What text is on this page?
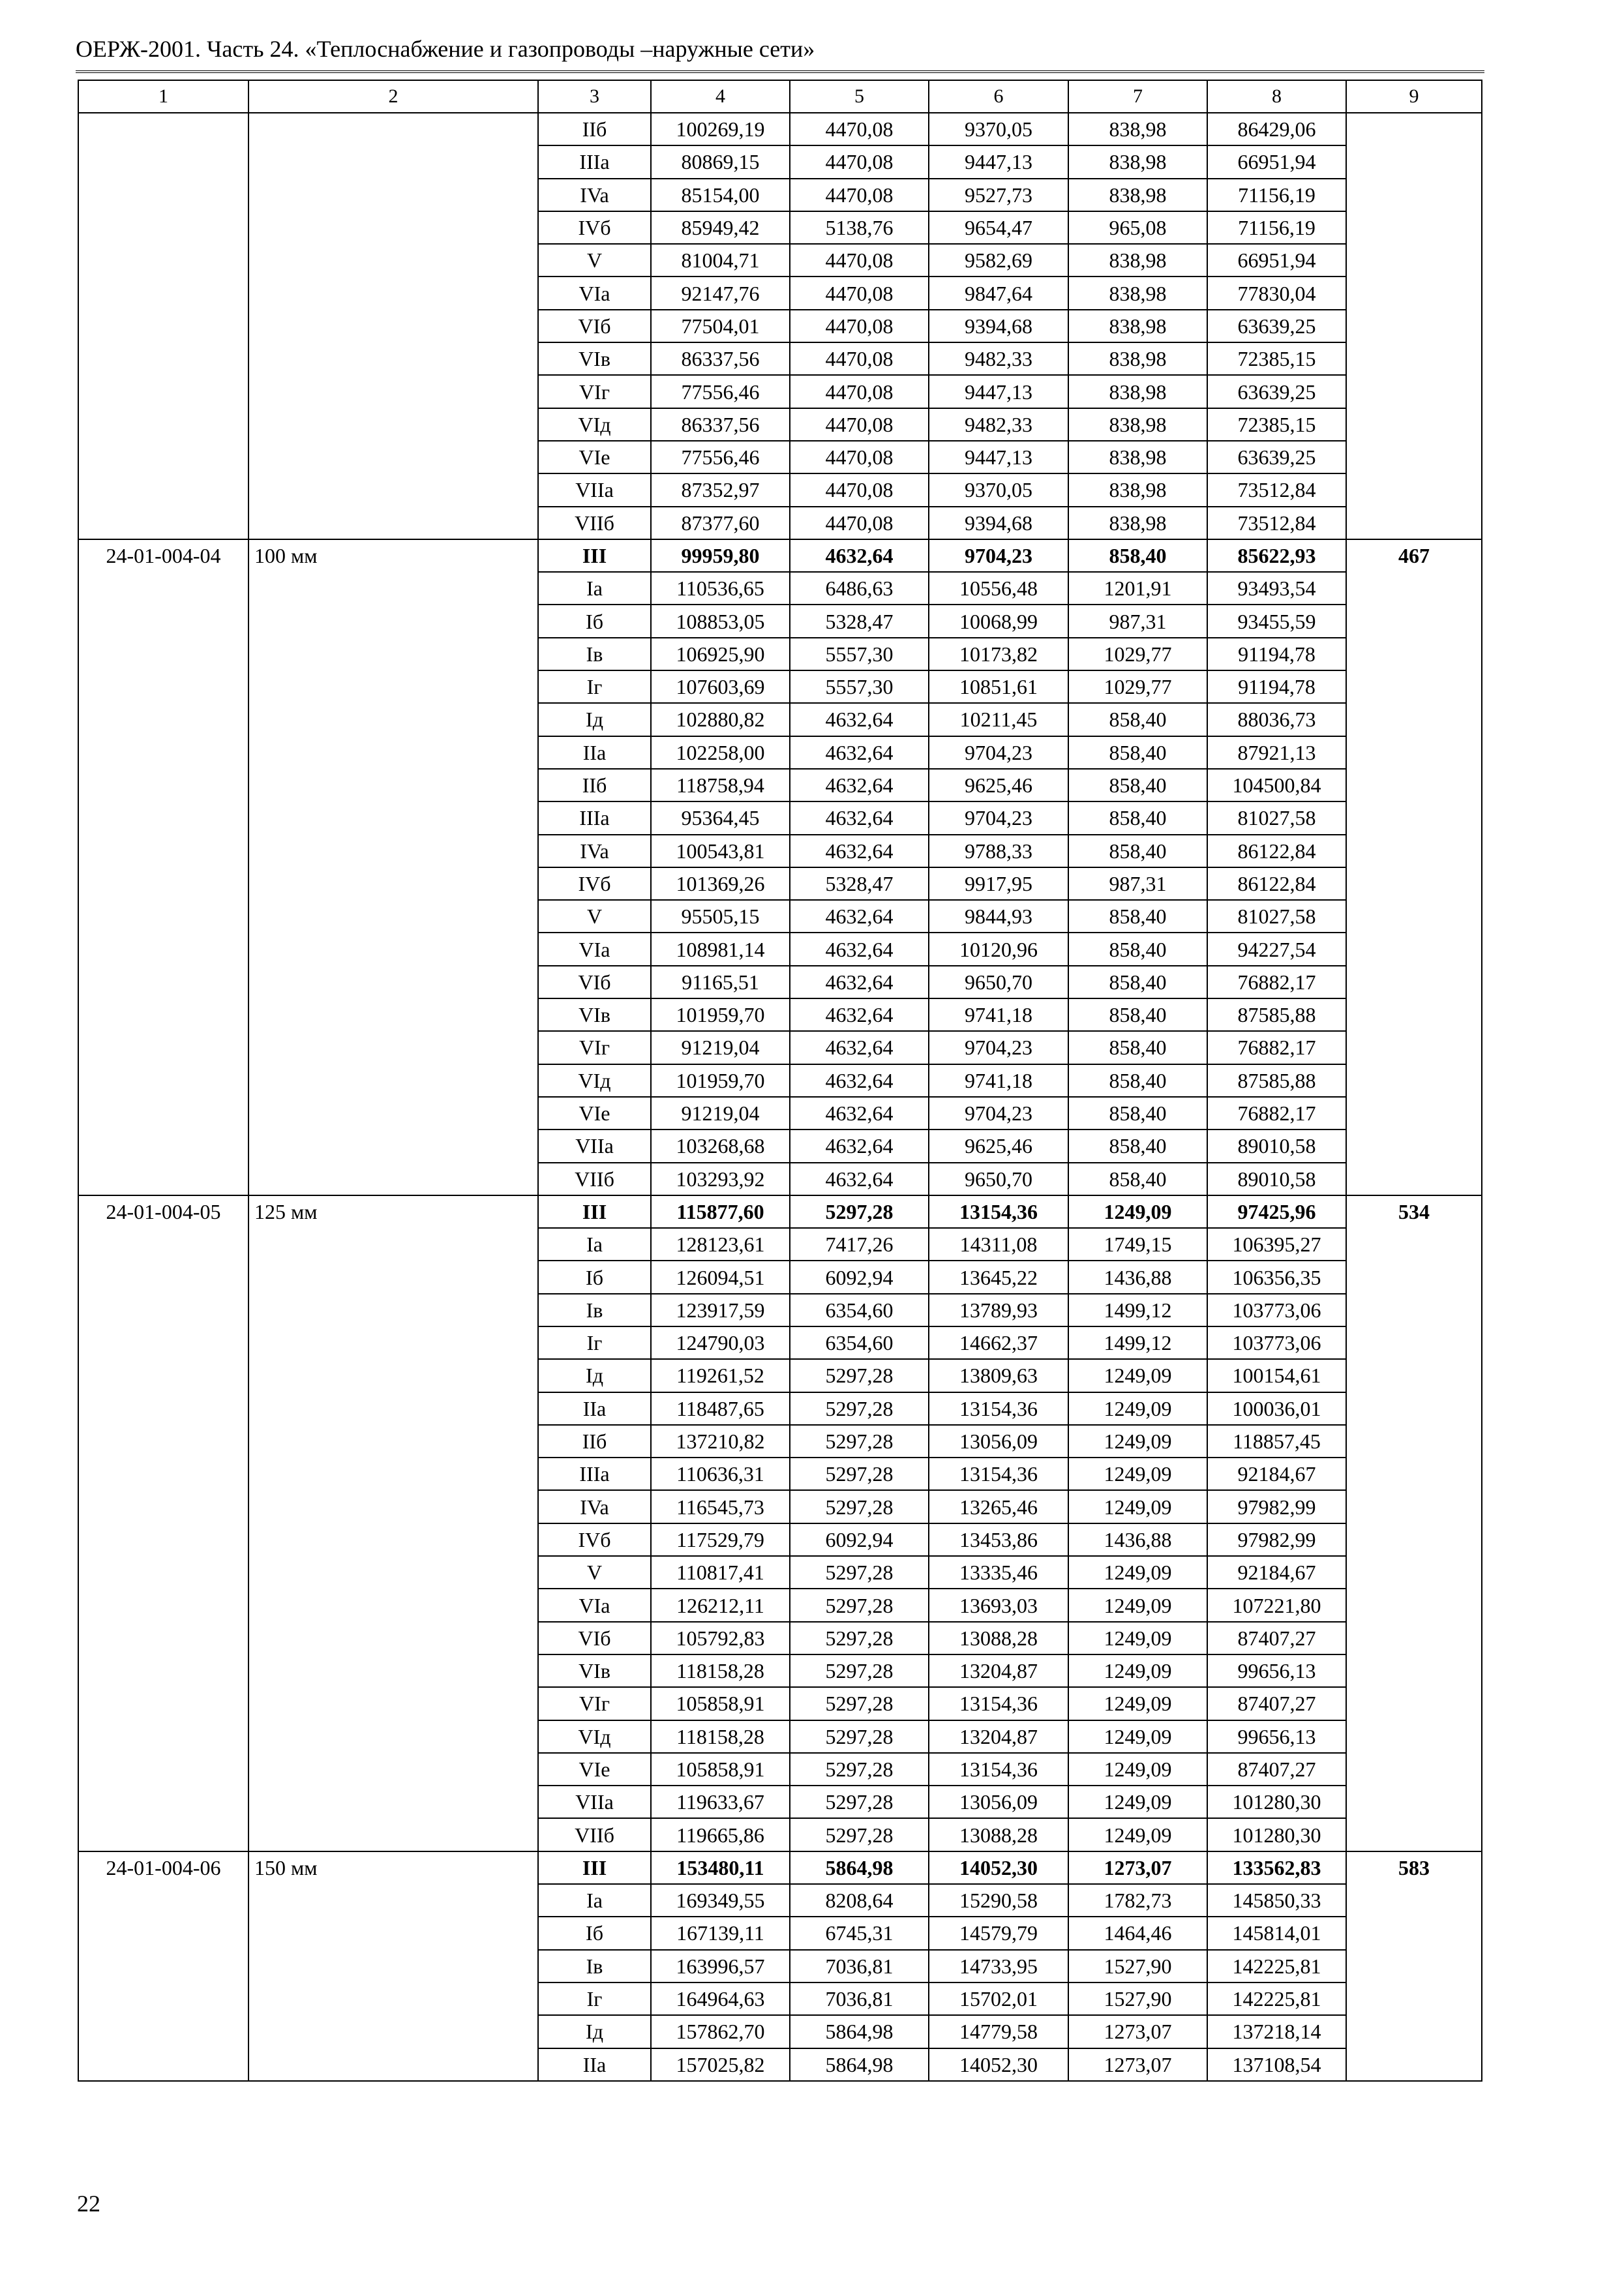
ОЕРЖ-2001. Часть 24. «Теплоснабжение и газопроводы –наружные сети»
1	2	3	4	5	6	7	8	9
		IIб	100269,19	4470,08	9370,05	838,98	86429,06	
		IIIa	80869,15	4470,08	9447,13	838,98	66951,94	
		IVa	85154,00	4470,08	9527,73	838,98	71156,19	
		IVб	85949,42	5138,76	9654,47	965,08	71156,19	
		V	81004,71	4470,08	9582,69	838,98	66951,94	
		VIa	92147,76	4470,08	9847,64	838,98	77830,04	
		VIб	77504,01	4470,08	9394,68	838,98	63639,25	
		VIв	86337,56	4470,08	9482,33	838,98	72385,15	
		VIг	77556,46	4470,08	9447,13	838,98	63639,25	
		VIд	86337,56	4470,08	9482,33	838,98	72385,15	
		VIе	77556,46	4470,08	9447,13	838,98	63639,25	
		VIIa	87352,97	4470,08	9370,05	838,98	73512,84	
		VIIб	87377,60	4470,08	9394,68	838,98	73512,84	
24-01-004-04	100 мм	III	99959,80	4632,64	9704,23	858,40	85622,93	467
		Ia	110536,65	6486,63	10556,48	1201,91	93493,54	
		Iб	108853,05	5328,47	10068,99	987,31	93455,59	
		Iв	106925,90	5557,30	10173,82	1029,77	91194,78	
		Iг	107603,69	5557,30	10851,61	1029,77	91194,78	
		Iд	102880,82	4632,64	10211,45	858,40	88036,73	
		IIa	102258,00	4632,64	9704,23	858,40	87921,13	
		IIб	118758,94	4632,64	9625,46	858,40	104500,84	
		IIIa	95364,45	4632,64	9704,23	858,40	81027,58	
		IVa	100543,81	4632,64	9788,33	858,40	86122,84	
		IVб	101369,26	5328,47	9917,95	987,31	86122,84	
		V	95505,15	4632,64	9844,93	858,40	81027,58	
		VIa	108981,14	4632,64	10120,96	858,40	94227,54	
		VIб	91165,51	4632,64	9650,70	858,40	76882,17	
		VIв	101959,70	4632,64	9741,18	858,40	87585,88	
		VIг	91219,04	4632,64	9704,23	858,40	76882,17	
		VIд	101959,70	4632,64	9741,18	858,40	87585,88	
		VIе	91219,04	4632,64	9704,23	858,40	76882,17	
		VIIa	103268,68	4632,64	9625,46	858,40	89010,58	
		VIIб	103293,92	4632,64	9650,70	858,40	89010,58	
24-01-004-05	125 мм	III	115877,60	5297,28	13154,36	1249,09	97425,96	534
		Ia	128123,61	7417,26	14311,08	1749,15	106395,27	
		Iб	126094,51	6092,94	13645,22	1436,88	106356,35	
		Iв	123917,59	6354,60	13789,93	1499,12	103773,06	
		Iг	124790,03	6354,60	14662,37	1499,12	103773,06	
		Iд	119261,52	5297,28	13809,63	1249,09	100154,61	
		IIa	118487,65	5297,28	13154,36	1249,09	100036,01	
		IIб	137210,82	5297,28	13056,09	1249,09	118857,45	
		IIIa	110636,31	5297,28	13154,36	1249,09	92184,67	
		IVa	116545,73	5297,28	13265,46	1249,09	97982,99	
		IVб	117529,79	6092,94	13453,86	1436,88	97982,99	
		V	110817,41	5297,28	13335,46	1249,09	92184,67	
		VIa	126212,11	5297,28	13693,03	1249,09	107221,80	
		VIб	105792,83	5297,28	13088,28	1249,09	87407,27	
		VIв	118158,28	5297,28	13204,87	1249,09	99656,13	
		VIг	105858,91	5297,28	13154,36	1249,09	87407,27	
		VIд	118158,28	5297,28	13204,87	1249,09	99656,13	
		VIе	105858,91	5297,28	13154,36	1249,09	87407,27	
		VIIa	119633,67	5297,28	13056,09	1249,09	101280,30	
		VIIб	119665,86	5297,28	13088,28	1249,09	101280,30	
24-01-004-06	150 мм	III	153480,11	5864,98	14052,30	1273,07	133562,83	583
		Ia	169349,55	8208,64	15290,58	1782,73	145850,33	
		Iб	167139,11	6745,31	14579,79	1464,46	145814,01	
		Iв	163996,57	7036,81	14733,95	1527,90	142225,81	
		Iг	164964,63	7036,81	15702,01	1527,90	142225,81	
		Iд	157862,70	5864,98	14779,58	1273,07	137218,14	
		IIa	157025,82	5864,98	14052,30	1273,07	137108,54	
22
